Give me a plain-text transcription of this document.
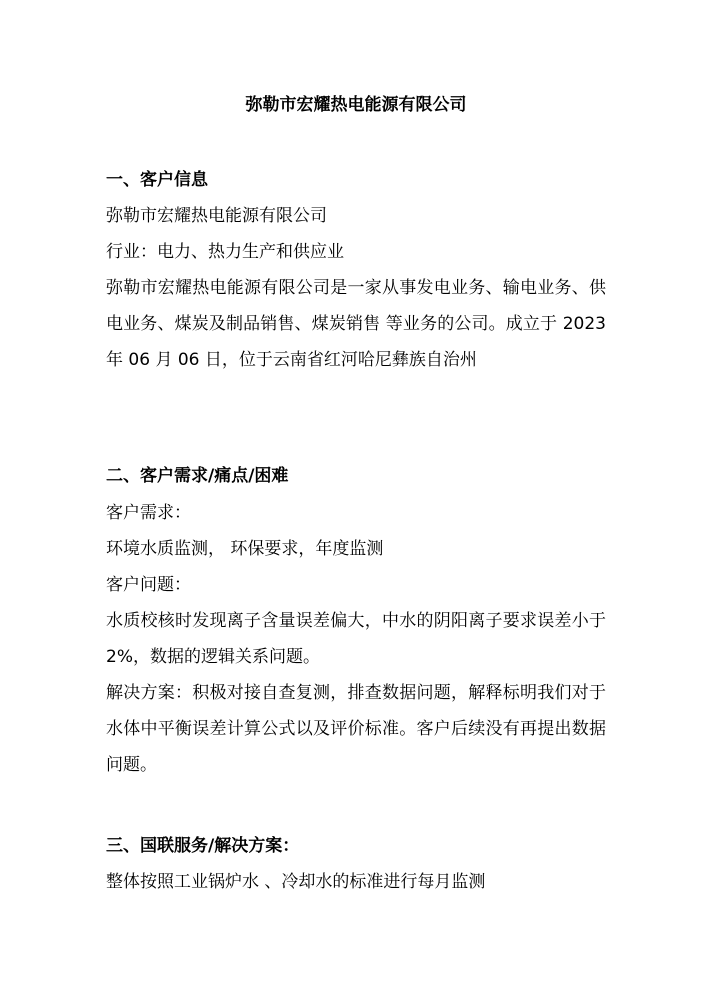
弥勒市宏耀热电能源有限公司
一、客户信息
弥勒市宏耀热电能源有限公司
行业：电力、热力生产和供应业
弥勒市宏耀热电能源有限公司是一家从事发电业务、输电业务、供电业务、煤炭及制品销售、煤炭销售 等业务的公司。成立于 2023 年 06 月 06 日，位于云南省红河哈尼彝族自治州
二、客户需求/痛点/困难
客户需求：
环境水质监测， 环保要求，年度监测
客户问题：
水质校核时发现离子含量误差偏大，中水的阴阳离子要求误差小于 2%，数据的逻辑关系问题。
解决方案：积极对接自查复测，排查数据问题，解释标明我们对于水体中平衡误差计算公式以及评价标准。客户后续没有再提出数据问题。
三、国联服务/解决方案：
整体按照工业锅炉水 、冷却水的标准进行每月监测
